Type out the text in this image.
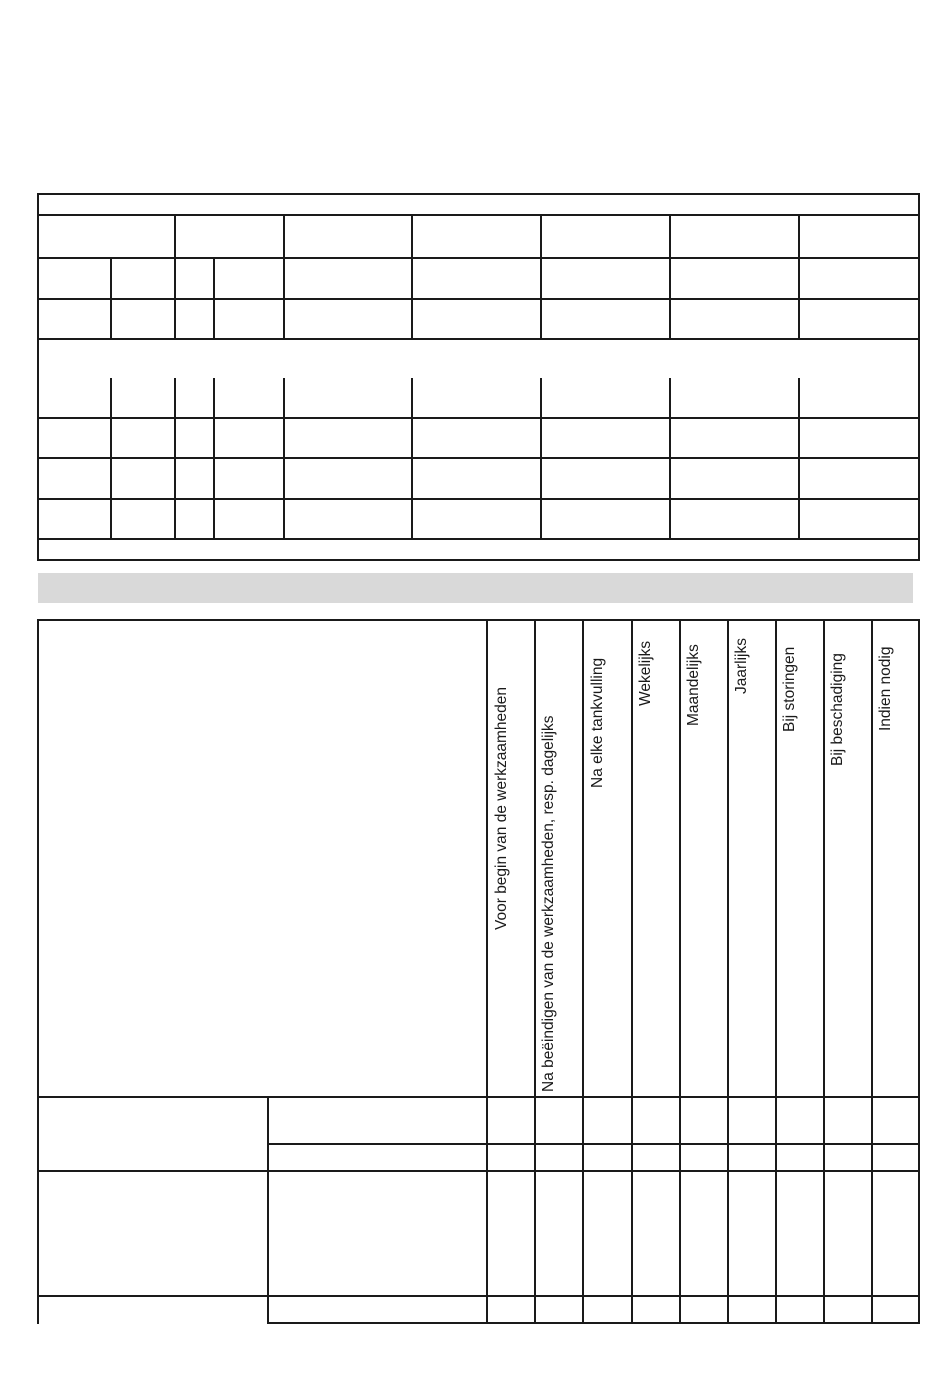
Voor begin van de werkzaamheden Na beëindigen van de werkzaamheden, resp. dagelijks Na elke tankvulling Wekelijks Maandelijks Jaarlijks Bij storingen Bij beschadiging Indien nodig
